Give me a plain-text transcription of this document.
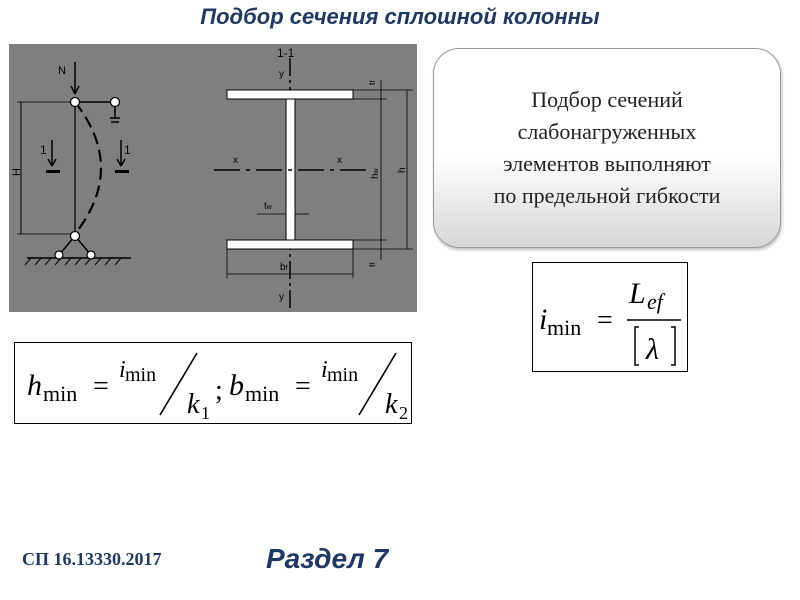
Подбор сечения сплошной колонны
N
H
1	1
1-1
y
y
x	x
tf
tf
hw h
tw
bf
Подбор сечений
слабонагруженных
элементов выполняют
по предельной гибкости
h min =
i min
k 1
; b min =
i min
k 2
i min =
L ef
λ
СП 16.13330.2017	Раздел 7
